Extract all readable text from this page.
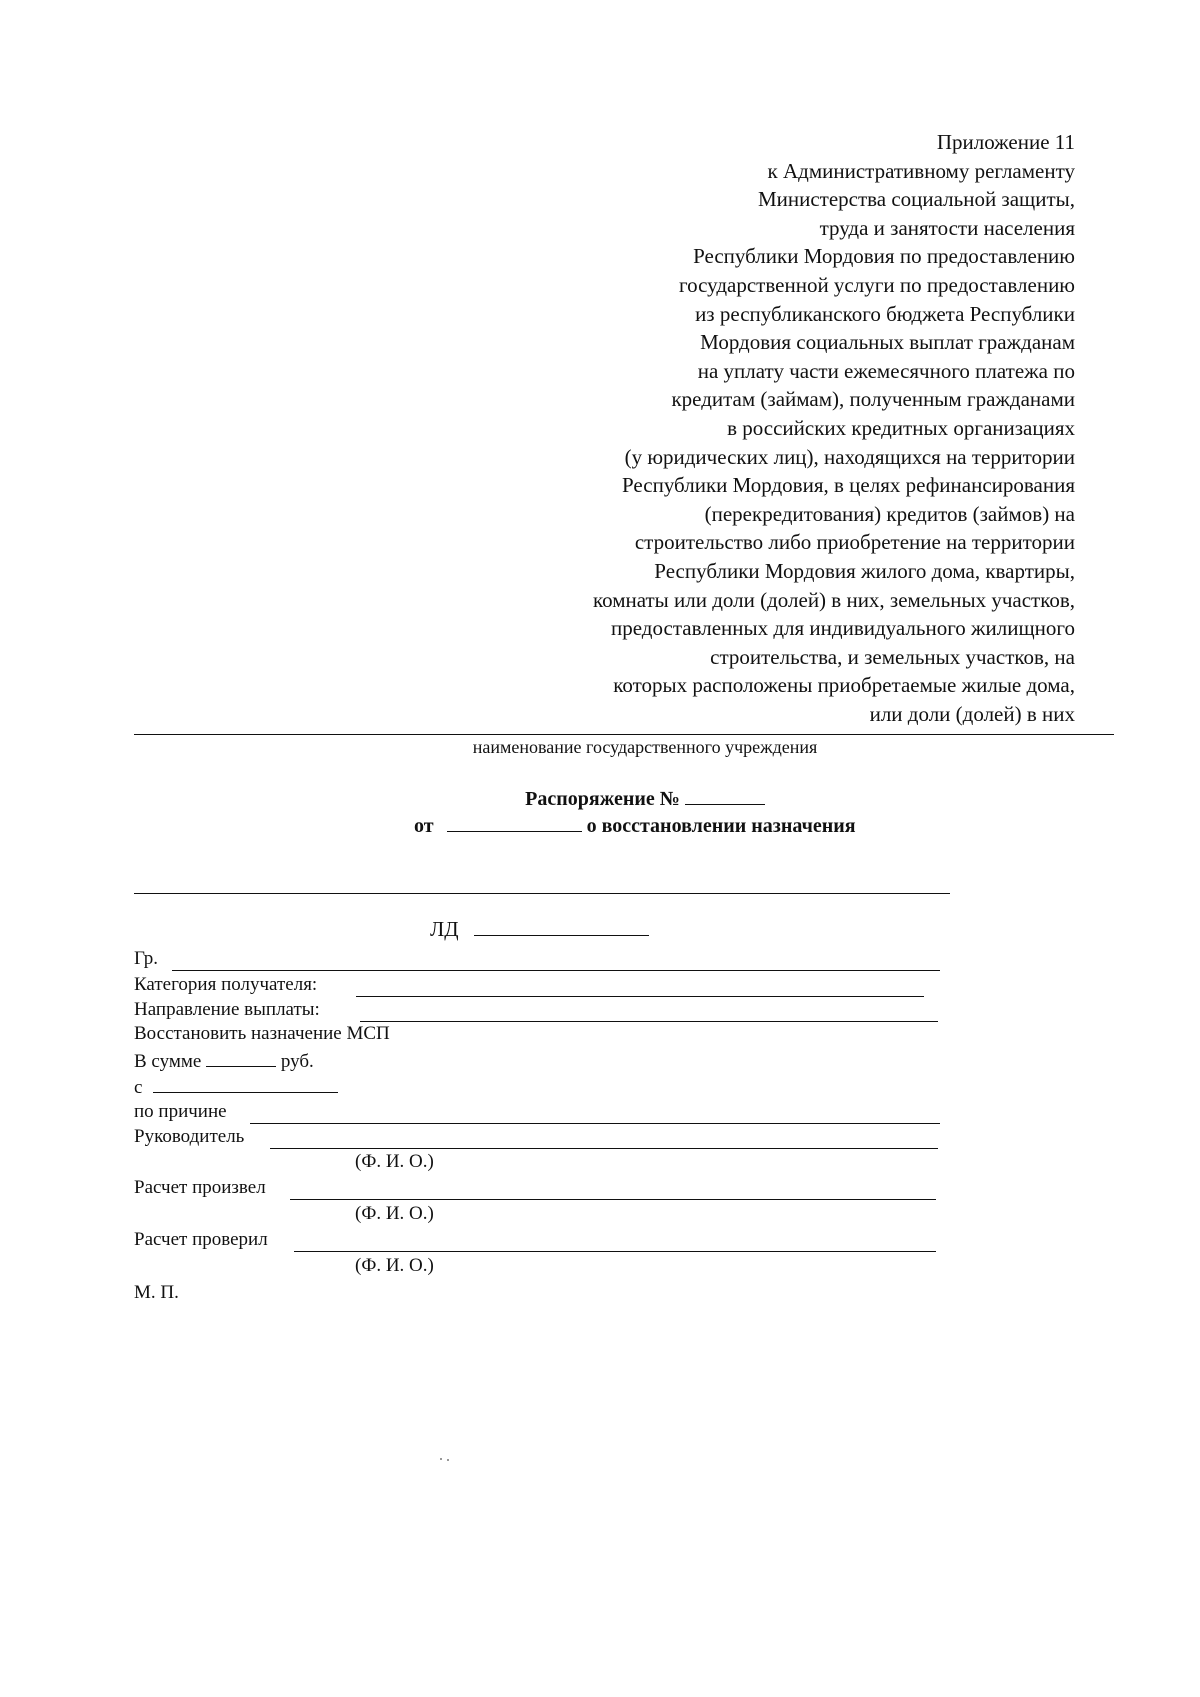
Приложение 11
к Административному регламенту
Министерства социальной защиты,
труда и занятости населения
Республики Мордовия по предоставлению
государственной услуги по предоставлению
из республиканского бюджета Республики
Мордовия социальных выплат гражданам
на уплату части ежемесячного платежа по
кредитам (займам), полученным гражданами
в российских кредитных организациях
(у юридических лиц), находящихся на территории
Республики Мордовия, в целях рефинансирования
(перекредитования) кредитов (займов) на
строительство либо приобретение на территории
Республики Мордовия жилого дома, квартиры,
комнаты или доли (долей) в них, земельных участков,
предоставленных для индивидуального жилищного
строительства, и земельных участков, на
которых расположены приобретаемые жилые дома,
или доли (долей) в них
наименование государственного учреждения
Распоряжение №
от	о восстановлении назначения
ЛД
Гр.
Категория получателя:
Направление выплаты:
Восстановить назначение МСП
В сумме	руб.
с
по причине
Руководитель
(Ф. И. О.)
Расчет произвел
(Ф. И. О.)
Расчет проверил
(Ф. И. О.)
М. П.
